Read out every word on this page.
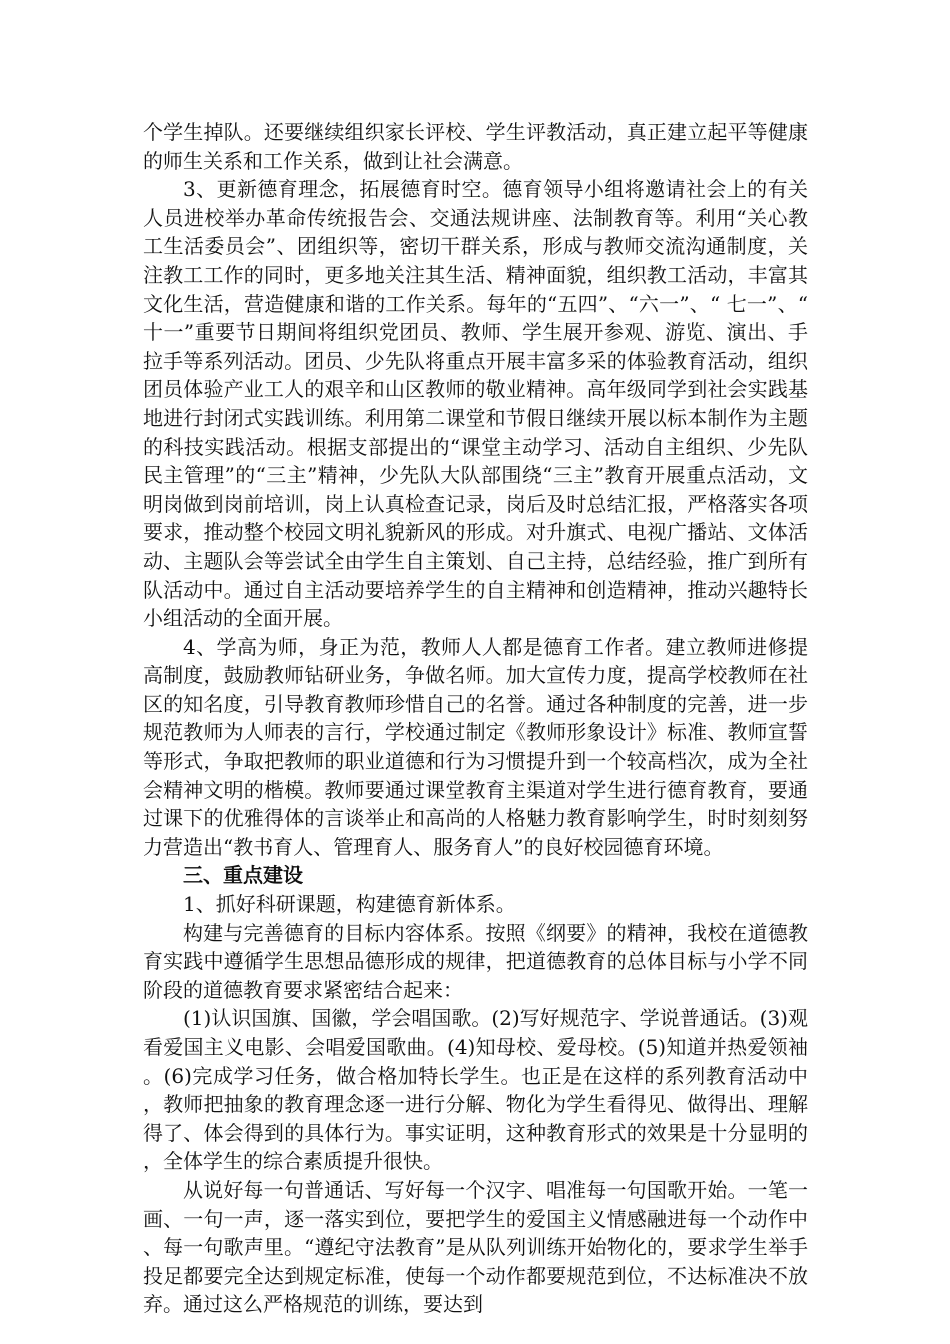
个学生掉队。还要继续组织家长评校、学生评教活动，真正建立起平等健康的师生关系和工作关系，做到让社会满意。

3、更新德育理念，拓展德育时空。德育领导小组将邀请社会上的有关人员进校举办革命传统报告会、交通法规讲座、法制教育等。利用“关心教工生活委员会”、团组织等，密切干群关系，形成与教师交流沟通制度，关注教工工作的同时，更多地关注其生活、精神面貌，组织教工活动，丰富其文化生活，营造健康和谐的工作关系。每年的“五四”、“六一”、“ 七一”、“十一”重要节日期间将组织党团员、教师、学生展开参观、游览、演出、手拉手等系列活动。团员、少先队将重点开展丰富多采的体验教育活动，组织团员体验产业工人的艰辛和山区教师的敬业精神。高年级同学到社会实践基地进行封闭式实践训练。利用第二课堂和节假日继续开展以标本制作为主题的科技实践活动。根据支部提出的“课堂主动学习、活动自主组织、少先队民主管理”的“三主”精神，少先队大队部围绕“三主”教育开展重点活动，文明岗做到岗前培训，岗上认真检查记录，岗后及时总结汇报，严格落实各项要求，推动整个校园文明礼貌新风的形成。对升旗式、电视广播站、文体活动、主题队会等尝试全由学生自主策划、自己主持，总结经验，推广到所有队活动中。通过自主活动要培养学生的自主精神和创造精神，推动兴趣特长小组活动的全面开展。

4、学高为师，身正为范，教师人人都是德育工作者。建立教师进修提高制度，鼓励教师钻研业务，争做名师。加大宣传力度，提高学校教师在社区的知名度，引导教育教师珍惜自己的名誉。通过各种制度的完善，进一步规范教师为人师表的言行，学校通过制定《教师形象设计》标准、教师宣誓等形式，争取把教师的职业道德和行为习惯提升到一个较高档次，成为全社会精神文明的楷模。教师要通过课堂教育主渠道对学生进行德育教育，要通过课下的优雅得体的言谈举止和高尚的人格魅力教育影响学生，时时刻刻努力营造出“教书育人、管理育人、服务育人”的良好校园德育环境。

三、重点建设

1、抓好科研课题，构建德育新体系。

构建与完善德育的目标内容体系。按照《纲要》的精神，我校在道德教育实践中遵循学生思想品德形成的规律，把道德教育的总体目标与小学不同阶段的道德教育要求紧密结合起来：

(1)认识国旗、国徽，学会唱国歌。(2)写好规范字、学说普通话。(3)观看爱国主义电影、会唱爱国歌曲。(4)知母校、爱母校。(5)知道并热爱领袖。(6)完成学习任务，做合格加特长学生。也正是在这样的系列教育活动中，教师把抽象的教育理念逐一进行分解、物化为学生看得见、做得出、理解得了、体会得到的具体行为。事实证明，这种教育形式的效果是十分显明的，全体学生的综合素质提升很快。

从说好每一句普通话、写好每一个汉字、唱准每一句国歌开始。一笔一画、一句一声，逐一落实到位，要把学生的爱国主义情感融进每一个动作中、每一句歌声里。“遵纪守法教育”是从队列训练开始物化的，要求学生举手投足都要完全达到规定标准，使每一个动作都要规范到位，不达标准决不放弃。通过这么严格规范的训练，要达到
